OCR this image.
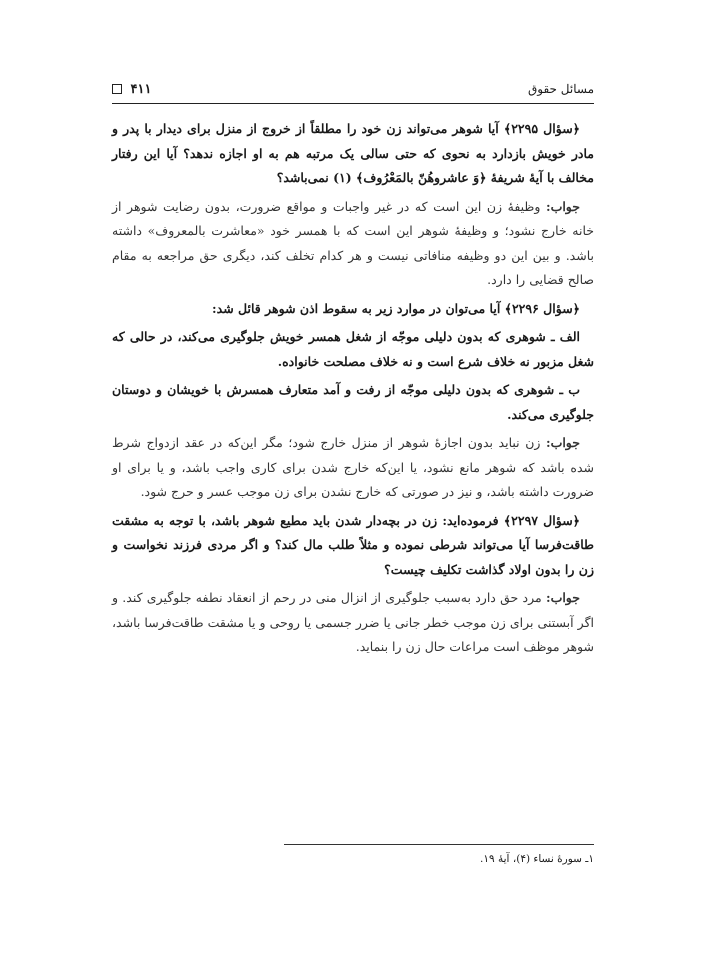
مسائل حقوق
۴۱۱

﴿سؤال ۲۲۹۵﴾ آیا شوهر می‌تواند زن خود را مطلقاً از خروج از منزل برای دیدار با پدر و مادر خویش بازدارد به نحوی که حتی سالی یک مرتبه هم به او اجازه ندهد؟ آیا این رفتار مخالف با آیهٔ شریفهٔ ﴿وَ عاشروهُنّ بالمَعْرُوف﴾ (۱) نمی‌باشد؟

جواب: وظیفهٔ زن این است که در غیر واجبات و مواقع ضرورت، بدون رضایت شوهر از خانه خارج نشود؛ و وظیفهٔ شوهر این است که با همسر خود «معاشرت بالمعروف» داشته باشد. و بین این دو وظیفه منافاتی نیست و هر کدام تخلف کند، دیگری حق مراجعه به مقام صالح قضایی را دارد.

﴿سؤال ۲۲۹۶﴾ آیا می‌توان در موارد زیر به سقوط اذن شوهر قائل شد:

الف ـ شوهری که بدون دلیلی موجّه از شغل همسر خویش جلوگیری می‌کند، در حالی که شغل مزبور نه خلاف شرع است و نه خلاف مصلحت خانواده.

ب ـ شوهری که بدون دلیلی موجّه از رفت و آمد متعارف همسرش با خویشان و دوستان جلوگیری می‌کند.

جواب: زن نباید بدون اجازهٔ شوهر از منزل خارج شود؛ مگر این‌که در عقد ازدواج شرط شده باشد که شوهر مانع نشود، یا این‌که خارج شدن برای کاری واجب باشد، و یا برای او ضرورت داشته باشد، و نیز در صورتی که خارج نشدن برای زن موجب عسر و حرج شود.

﴿سؤال ۲۲۹۷﴾ فرموده‌اید: زن در بچه‌دار شدن باید مطیع شوهر باشد، با توجه به مشقت طاقت‌فرسا آیا می‌تواند شرطی نموده و مثلاً طلب مال کند؟ و اگر مردی فرزند نخواست و زن را بدون اولاد گذاشت تکلیف چیست؟

جواب: مرد حق دارد به‌سبب جلوگیری از انزال منی در رحم از انعقاد نطفه جلوگیری کند. و اگر آبستنی برای زن موجب خطر جانی یا ضرر جسمی یا روحی و یا مشقت طاقت‌فرسا باشد، شوهر موظف است مراعات حال زن را بنماید.

۱ـ سورهٔ نساء (۴)، آیهٔ ۱۹.
